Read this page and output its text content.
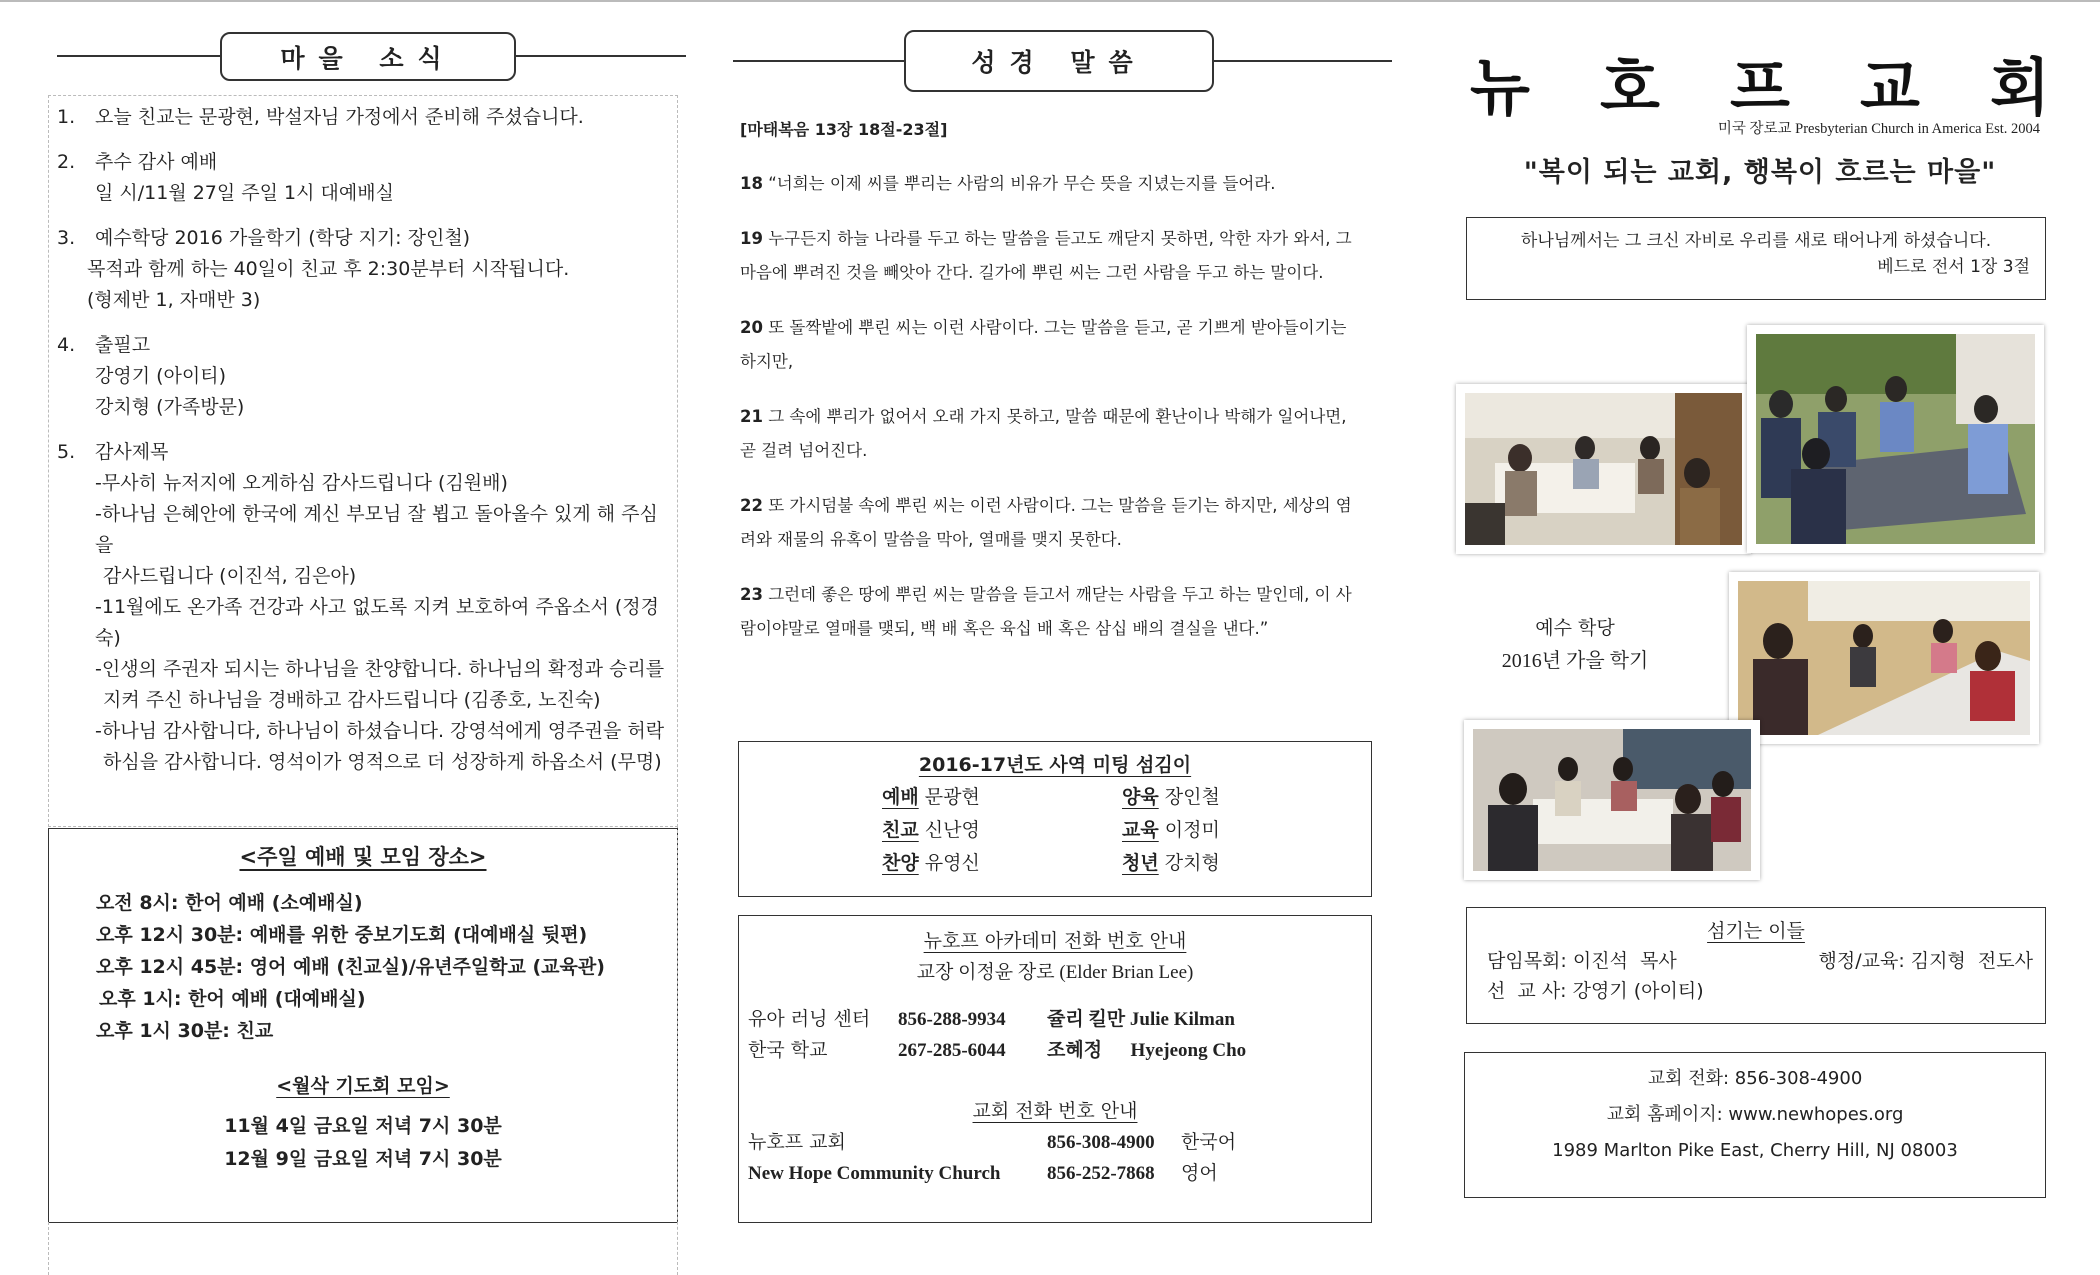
마을 소식
1. 오늘 친교는 문광현, 박설자님 가정에서 준비해 주셨습니다.
2. 추수 감사 예배
일 시/11월 27일 주일 1시 대예배실
3. 예수학당 2016 가을학기 (학당 지기: 장인철)
목적과 함께 하는 40일이 친교 후 2:30분부터 시작됩니다.
(형제반 1, 자매반 3)
4. 출필고
강영기 (아이티)
강치형 (가족방문)
5. 감사제목
-무사히 뉴저지에 오게하심 감사드립니다 (김원배)
-하나님 은혜안에 한국에 계신 부모님 잘 뵙고 돌아올수 있게 해 주심을
감사드립니다 (이진석, 김은아)
-11월에도 온가족 건강과 사고 없도록 지켜 보호하여 주옵소서 (정경숙)
-인생의 주권자 되시는 하나님을 찬양합니다. 하나님의 확정과 승리를
지켜 주신 하나님을 경배하고 감사드립니다 (김종호, 노진숙)
-하나님 감사합니다, 하나님이 하셨습니다. 강영석에게 영주권을 허락
하심을 감사합니다. 영석이가 영적으로 더 성장하게 하옵소서 (무명)
<주일 예배 및 모임 장소>
오전 8시: 한어 예배 (소예배실)
오후 12시 30분: 예배를 위한 중보기도회 (대예배실 뒷편)
오후 12시 45분: 영어 예배 (친교실)/유년주일학교 (교육관)
오후 1시: 한어 예배 (대예배실)
오후 1시 30분: 친교
<월삭 기도회 모임>
11월 4일 금요일 저녁 7시 30분
12월 9일 금요일 저녁 7시 30분
성경 말씀
[마태복음 13장 18절-23절]

18 “너희는 이제 씨를 뿌리는 사람의 비유가 무슨 뜻을 지녔는지를 들어라.

19 누구든지 하늘 나라를 두고 하는 말씀을 듣고도 깨닫지 못하면, 악한 자가 와서, 그 마음에 뿌려진 것을 빼앗아 간다. 길가에 뿌린 씨는 그런 사람을 두고 하는 말이다.

20 또 돌짝밭에 뿌린 씨는 이런 사람이다. 그는 말씀을 듣고, 곧 기쁘게 받아들이기는 하지만,

21 그 속에 뿌리가 없어서 오래 가지 못하고, 말씀 때문에 환난이나 박해가 일어나면, 곧 걸려 넘어진다.

22 또 가시덤불 속에 뿌린 씨는 이런 사람이다. 그는 말씀을 듣기는 하지만, 세상의 염려와 재물의 유혹이 말씀을 막아, 열매를 맺지 못한다.

23 그런데 좋은 땅에 뿌린 씨는 말씀을 듣고서 깨닫는 사람을 두고 하는 말인데, 이 사람이야말로 열매를 맺되, 백 배 혹은 육십 배 혹은 삼십 배의 결실을 낸다.”

2016-17년도 사역 미팅 섬김이
예배 문광현	양육 장인철
친교 신난영	교육 이정미
찬양 유영신	청년 강치형
뉴호프 아카데미 전화 번호 안내
교장 이정윤 장로 (Elder Brian Lee)
유아 러닝 센터 856-288-9934 쥴리 킬만 Julie Kilman
한국 학교	267-285-6044 조혜정      Hyejeong Cho
교회 전화 번호 안내
뉴호프 교회	856-308-4900 한국어
New Hope Community Church 856-252-7868 영어
뉴 호 프 교 회
미국 장로교 Presbyterian Church in America Est. 2004
"복이 되는 교회, 행복이 흐르는 마을"
하나님께서는 그 크신 자비로 우리를 새로 태어나게 하셨습니다.
베드로 전서 1장 3절
예수 학당
2016년 가을 학기
섬기는 이들
담임목회: 이진석  목사	행정/교육: 김지형  전도사
선  교 사: 강영기 (아이티)
교회 전화: 856-308-4900
교회 홈페이지: www.newhopes.org
1989 Marlton Pike East, Cherry Hill, NJ 08003
